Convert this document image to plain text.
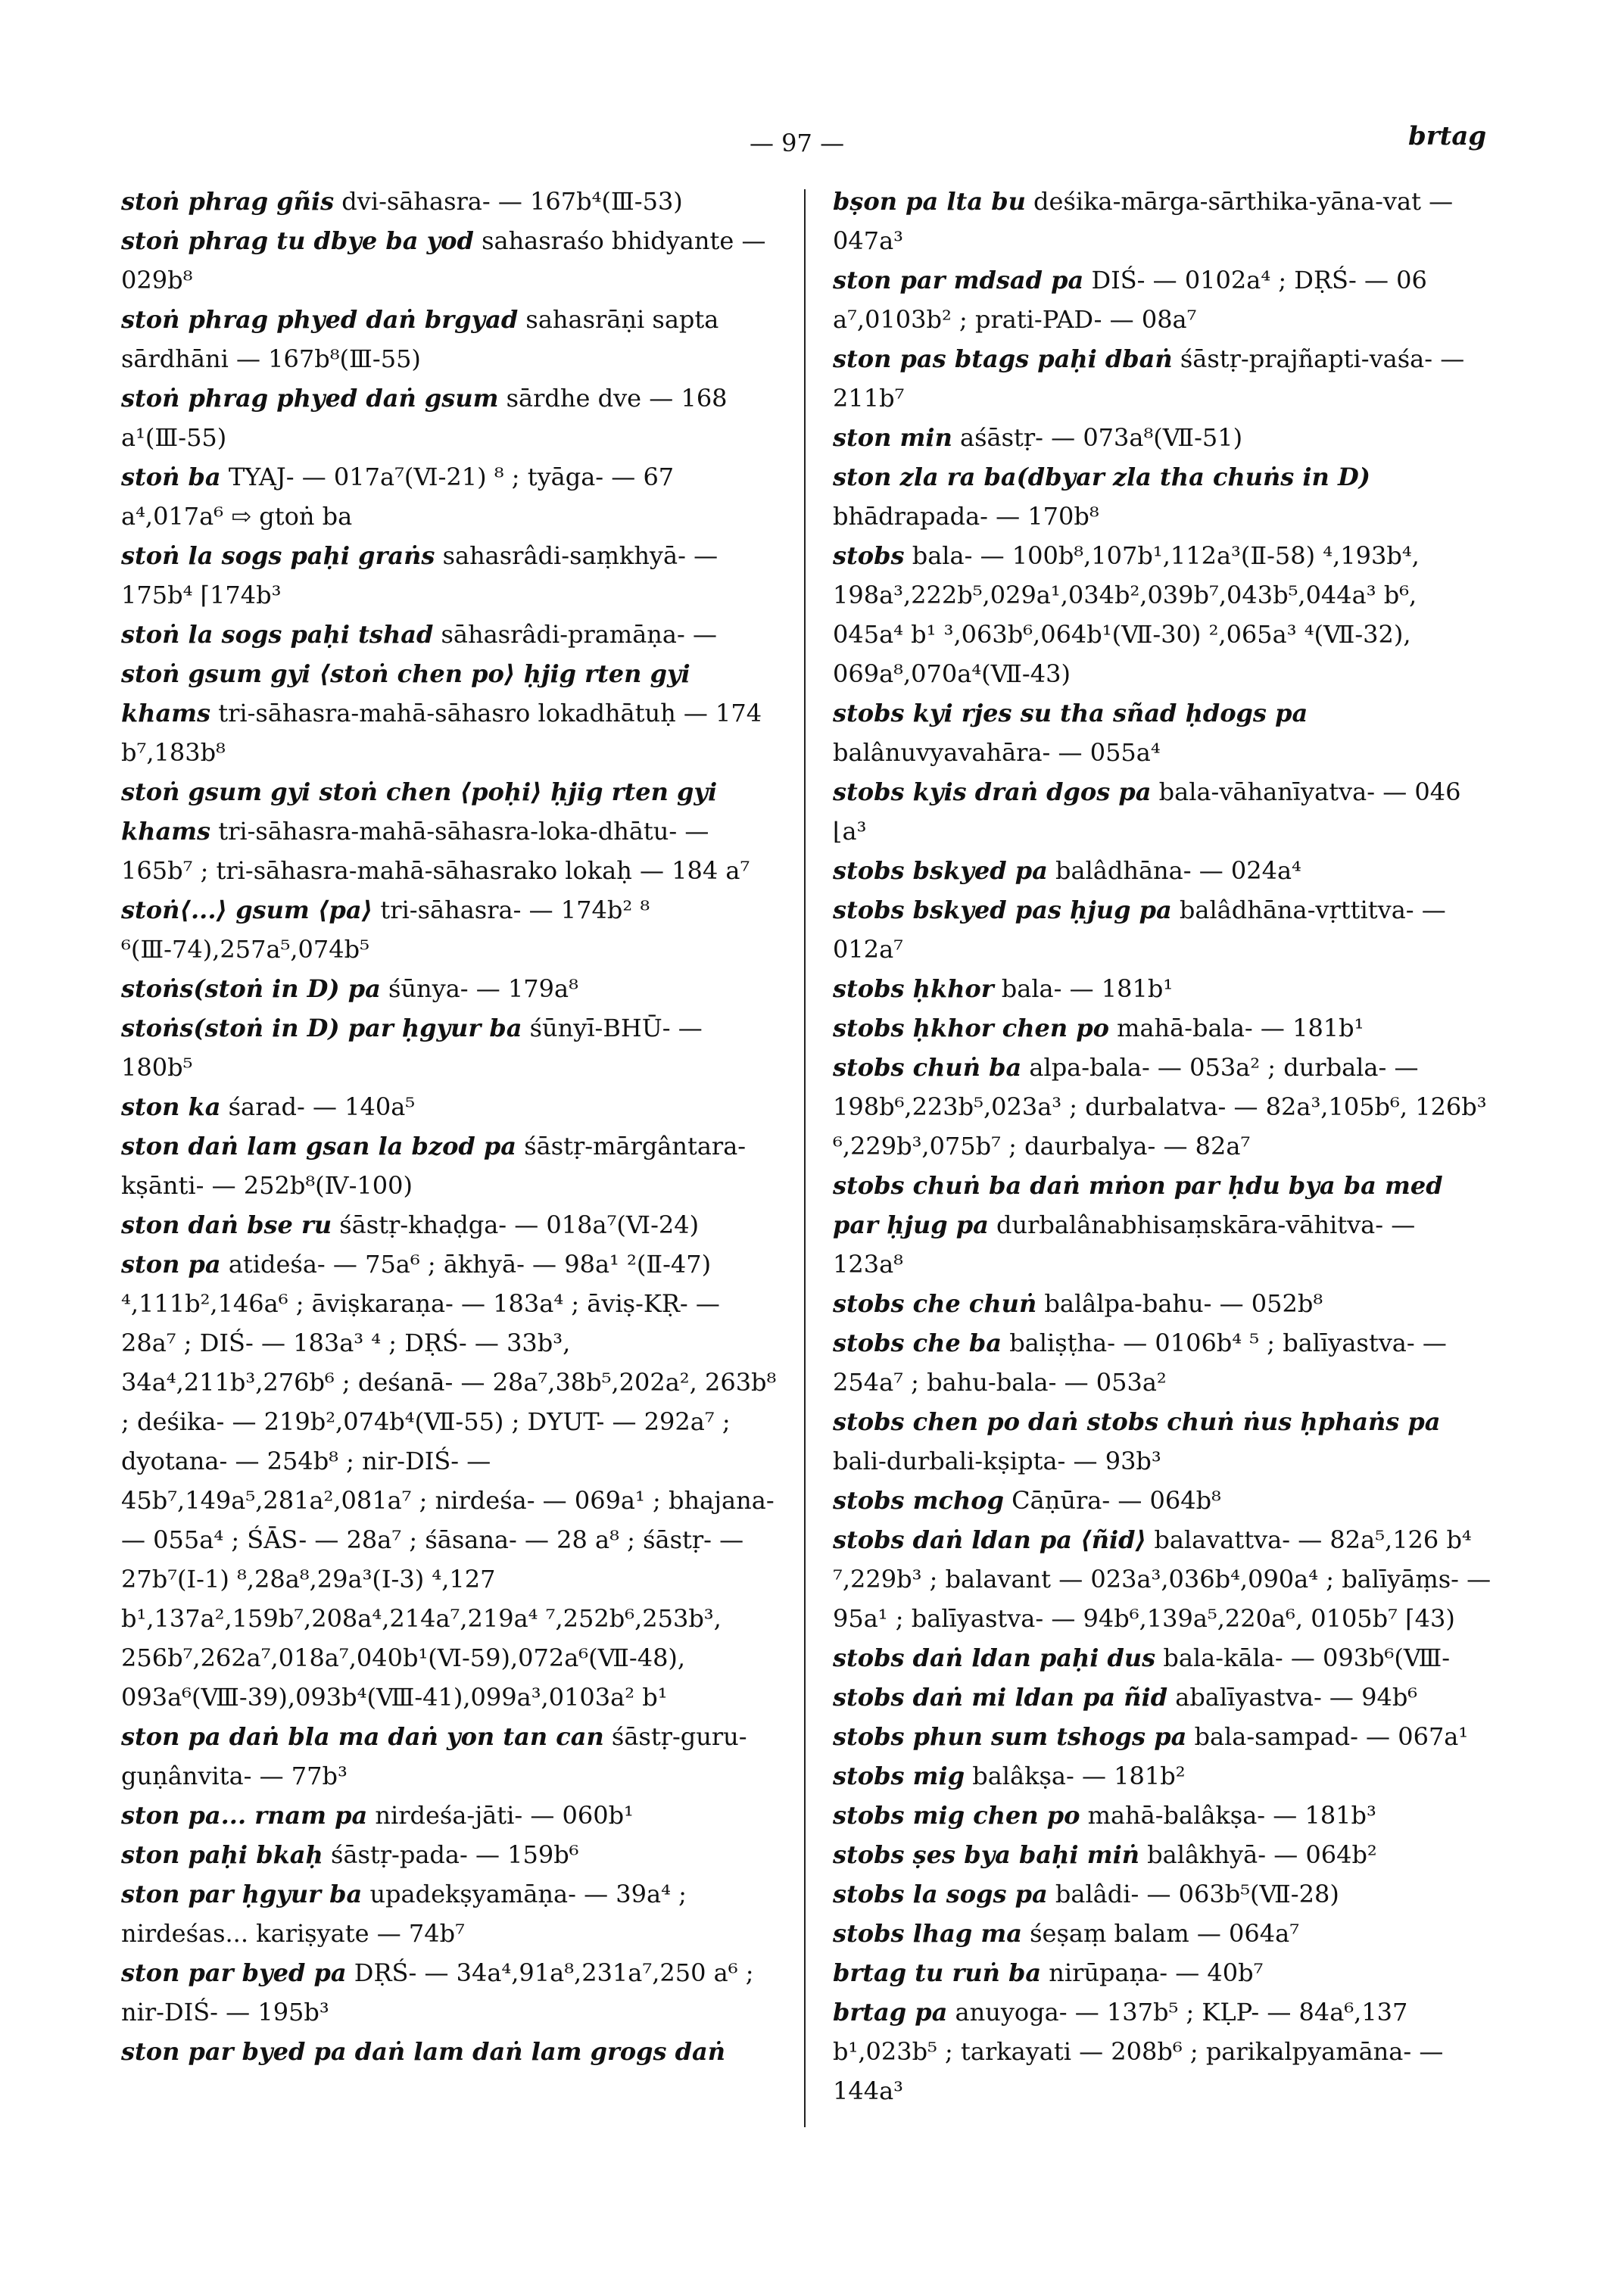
— 97 —	brtag

stoṅ phrag gñis dvi-sāhasra- — 167b⁴(Ⅲ-53)

stoṅ phrag tu dbye ba yod sahasraśo bhidyante — 029b⁸

stoṅ phrag phyed daṅ brgyad sahasrāṇi sapta sārdhāni — 167b⁸(Ⅲ-55)

stoṅ phrag phyed daṅ gsum sārdhe dve — 168 a¹(Ⅲ-55)

stoṅ ba TYAJ- — 017a⁷(Ⅵ-21) ⁸ ; tyāga- — 67 a⁴,017a⁶ ⇨ gtoṅ ba

stoṅ la sogs paḥi graṅs sahasrâdi-saṃkhyā- — 175b⁴ ⌈174b³

stoṅ la sogs paḥi tshad sāhasrâdi-pramāṇa- —

stoṅ gsum gyi ⟨stoṅ chen po⟩ ḥjig rten gyi khams tri-sāhasra-mahā-sāhasro lokadhātuḥ — 174 b⁷,183b⁸

stoṅ gsum gyi stoṅ chen ⟨poḥi⟩ ḥjig rten gyi khams tri-sāhasra-mahā-sāhasra-loka-dhātu- — 165b⁷ ; tri-sāhasra-mahā-sāhasrako lokaḥ — 184 a⁷

stoṅ⟨...⟩ gsum ⟨pa⟩ tri-sāhasra- — 174b² ⁸ ⁶(Ⅲ-74),257a⁵,074b⁵

stoṅs(stoṅ in D) pa śūnya- — 179a⁸

stoṅs(stoṅ in D) par ḥgyur ba śūnyī-BHŪ- — 180b⁵

ston ka śarad- — 140a⁵

ston daṅ lam gsan la bzod pa śāstṛ-mārgântara-kṣānti- — 252b⁸(Ⅳ-100)

ston daṅ bse ru śāstṛ-khaḍga- — 018a⁷(Ⅵ-24)

ston pa atideśa- — 75a⁶ ; ākhyā- — 98a¹ ²(Ⅱ-47) ⁴,111b²,146a⁶ ; āviṣkaraṇa- — 183a⁴ ; āviṣ-KṚ- — 28a⁷ ; DIŚ- — 183a³ ⁴ ; DṚŚ- — 33b³, 34a⁴,211b³,276b⁶ ; deśanā- — 28a⁷,38b⁵,202a², 263b⁸ ; deśika- — 219b²,074b⁴(Ⅶ-55) ; DYUT- — 292a⁷ ; dyotana- — 254b⁸ ; nir-DIŚ- — 45b⁷,149a⁵,281a²,081a⁷ ; nirdeśa- — 069a¹ ; bhajana- — 055a⁴ ; ŚĀS- — 28a⁷ ; śāsana- — 28 a⁸ ; śāstṛ- — 27b⁷(Ⅰ-1) ⁸,28a⁸,29a³(Ⅰ-3) ⁴,127 b¹,137a²,159b⁷,208a⁴,214a⁷,219a⁴ ⁷,252b⁶,253b³, 256b⁷,262a⁷,018a⁷,040b¹(Ⅵ-59),072a⁶(Ⅶ-48), 093a⁶(Ⅷ-39),093b⁴(Ⅷ-41),099a³,0103a² b¹

ston pa daṅ bla ma daṅ yon tan can śāstṛ-guru-guṇânvita- — 77b³

ston pa... rnam pa nirdeśa-jāti- — 060b¹

ston paḥi bkaḥ śāstṛ-pada- — 159b⁶

ston par ḥgyur ba upadekṣyamāṇa- — 39a⁴ ; nirdeśas... kariṣyate — 74b⁷

ston par byed pa DṚŚ- — 34a⁴,91a⁸,231a⁷,250 a⁶ ; nir-DIŚ- — 195b³

ston par byed pa daṅ lam daṅ lam grogs daṅ

bṣon pa lta bu deśika-mārga-sārthika-yāna-vat — 047a³

ston par mdsad pa DIŚ- — 0102a⁴ ; DṚŚ- — 06 a⁷,0103b² ; prati-PAD- — 08a⁷

ston pas btags paḥi dbaṅ śāstṛ-prajñapti-vaśa- — 211b⁷

ston min aśāstṛ- — 073a⁸(Ⅶ-51)

ston zla ra ba(dbyar zla tha chuṅs in D) bhādrapada- — 170b⁸

stobs bala- — 100b⁸,107b¹,112a³(Ⅱ-58) ⁴,193b⁴, 198a³,222b⁵,029a¹,034b²,039b⁷,043b⁵,044a³ b⁶, 045a⁴ b¹ ³,063b⁶,064b¹(Ⅶ-30) ²,065a³ ⁴(Ⅶ-32), 069a⁸,070a⁴(Ⅶ-43)

stobs kyi rjes su tha sñad ḥdogs pa balânuvyavahāra- — 055a⁴

stobs kyis draṅ dgos pa bala-vāhanīyatva- — 046 ⌊a³

stobs bskyed pa balâdhāna- — 024a⁴

stobs bskyed pas ḥjug pa balâdhāna-vṛttitva- — 012a⁷

stobs ḥkhor bala- — 181b¹

stobs ḥkhor chen po mahā-bala- — 181b¹

stobs chuṅ ba alpa-bala- — 053a² ; durbala- — 198b⁶,223b⁵,023a³ ; durbalatva- — 82a³,105b⁶, 126b³ ⁶,229b³,075b⁷ ; daurbalya- — 82a⁷

stobs chuṅ ba daṅ mṅon par ḥdu bya ba med par ḥjug pa durbalânabhisaṃskāra-vāhitva- — 123a⁸

stobs che chuṅ balâlpa-bahu- — 052b⁸

stobs che ba baliṣṭha- — 0106b⁴ ⁵ ; balīyastva- — 254a⁷ ; bahu-bala- — 053a²

stobs chen po daṅ stobs chuṅ ṅus ḥphaṅs pa bali-durbali-kṣipta- — 93b³

stobs mchog Cāṇūra- — 064b⁸

stobs daṅ ldan pa ⟨ñid⟩ balavattva- — 82a⁵,126 b⁴ ⁷,229b³ ; balavant — 023a³,036b⁴,090a⁴ ; balīyāṃs- — 95a¹ ; balīyastva- — 94b⁶,139a⁵,220a⁶, 0105b⁷ ⌈43)

stobs daṅ ldan paḥi dus bala-kāla- — 093b⁶(Ⅷ-

stobs daṅ mi ldan pa ñid abalīyastva- — 94b⁶

stobs phun sum tshogs pa bala-sampad- — 067a¹

stobs mig balâkṣa- — 181b²

stobs mig chen po mahā-balâkṣa- — 181b³

stobs ṣes bya baḥi miṅ balâkhyā- — 064b²

stobs la sogs pa balâdi- — 063b⁵(Ⅶ-28)

stobs lhag ma śeṣaṃ balam — 064a⁷

brtag tu ruṅ ba nirūpaṇa- — 40b⁷

brtag pa anuyoga- — 137b⁵ ; KḶP- — 84a⁶,137 b¹,023b⁵ ; tarkayati — 208b⁶ ; parikalpyamāna- — 144a³
